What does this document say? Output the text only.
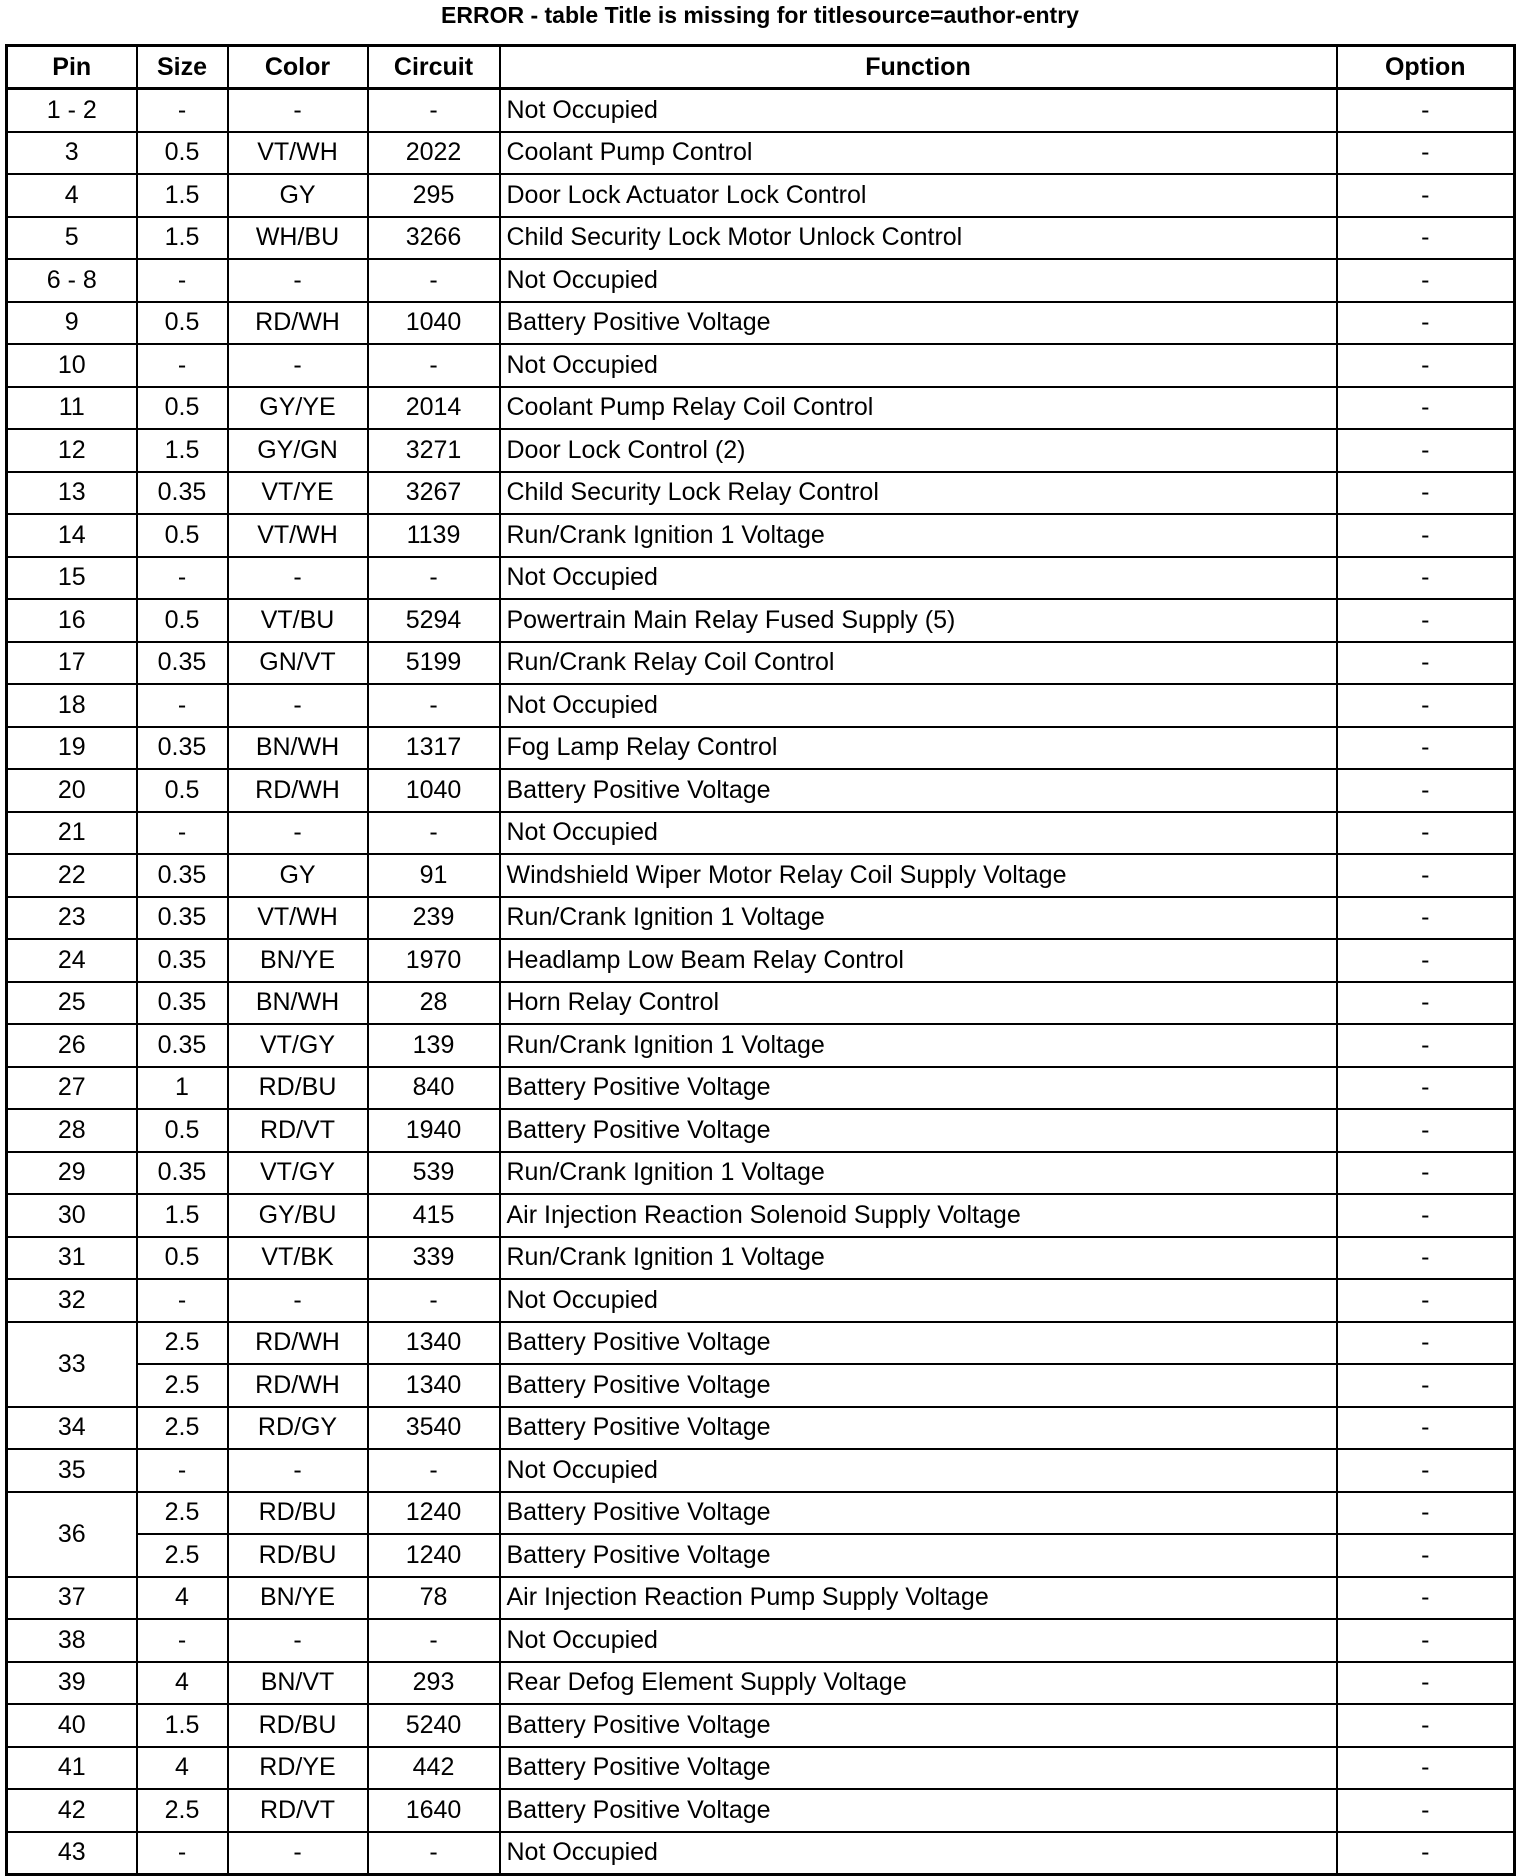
ERROR - table Title is missing for titlesource=author-entry
Pin	Size	Color	Circuit	Function	Option
1 - 2	-	-	-	Not Occupied	-
3	0.5	VT/WH	2022	Coolant Pump Control	-
4	1.5	GY	295	Door Lock Actuator Lock Control	-
5	1.5	WH/BU	3266	Child Security Lock Motor Unlock Control	-
6 - 8	-	-	-	Not Occupied	-
9	0.5	RD/WH	1040	Battery Positive Voltage	-
10	-	-	-	Not Occupied	-
11	0.5	GY/YE	2014	Coolant Pump Relay Coil Control	-
12	1.5	GY/GN	3271	Door Lock Control (2)	-
13	0.35	VT/YE	3267	Child Security Lock Relay Control	-
14	0.5	VT/WH	1139	Run/Crank Ignition 1 Voltage	-
15	-	-	-	Not Occupied	-
16	0.5	VT/BU	5294	Powertrain Main Relay Fused Supply (5)	-
17	0.35	GN/VT	5199	Run/Crank Relay Coil Control	-
18	-	-	-	Not Occupied	-
19	0.35	BN/WH	1317	Fog Lamp Relay Control	-
20	0.5	RD/WH	1040	Battery Positive Voltage	-
21	-	-	-	Not Occupied	-
22	0.35	GY	91	Windshield Wiper Motor Relay Coil Supply Voltage	-
23	0.35	VT/WH	239	Run/Crank Ignition 1 Voltage	-
24	0.35	BN/YE	1970	Headlamp Low Beam Relay Control	-
25	0.35	BN/WH	28	Horn Relay Control	-
26	0.35	VT/GY	139	Run/Crank Ignition 1 Voltage	-
27	1	RD/BU	840	Battery Positive Voltage	-
28	0.5	RD/VT	1940	Battery Positive Voltage	-
29	0.35	VT/GY	539	Run/Crank Ignition 1 Voltage	-
30	1.5	GY/BU	415	Air Injection Reaction Solenoid Supply Voltage	-
31	0.5	VT/BK	339	Run/Crank Ignition 1 Voltage	-
32	-	-	-	Not Occupied	-
33	2.5	RD/WH	1340	Battery Positive Voltage	-
	2.5	RD/WH	1340	Battery Positive Voltage	-
34	2.5	RD/GY	3540	Battery Positive Voltage	-
35	-	-	-	Not Occupied	-
36	2.5	RD/BU	1240	Battery Positive Voltage	-
	2.5	RD/BU	1240	Battery Positive Voltage	-
37	4	BN/YE	78	Air Injection Reaction Pump Supply Voltage	-
38	-	-	-	Not Occupied	-
39	4	BN/VT	293	Rear Defog Element Supply Voltage	-
40	1.5	RD/BU	5240	Battery Positive Voltage	-
41	4	RD/YE	442	Battery Positive Voltage	-
42	2.5	RD/VT	1640	Battery Positive Voltage	-
43	-	-	-	Not Occupied	-
